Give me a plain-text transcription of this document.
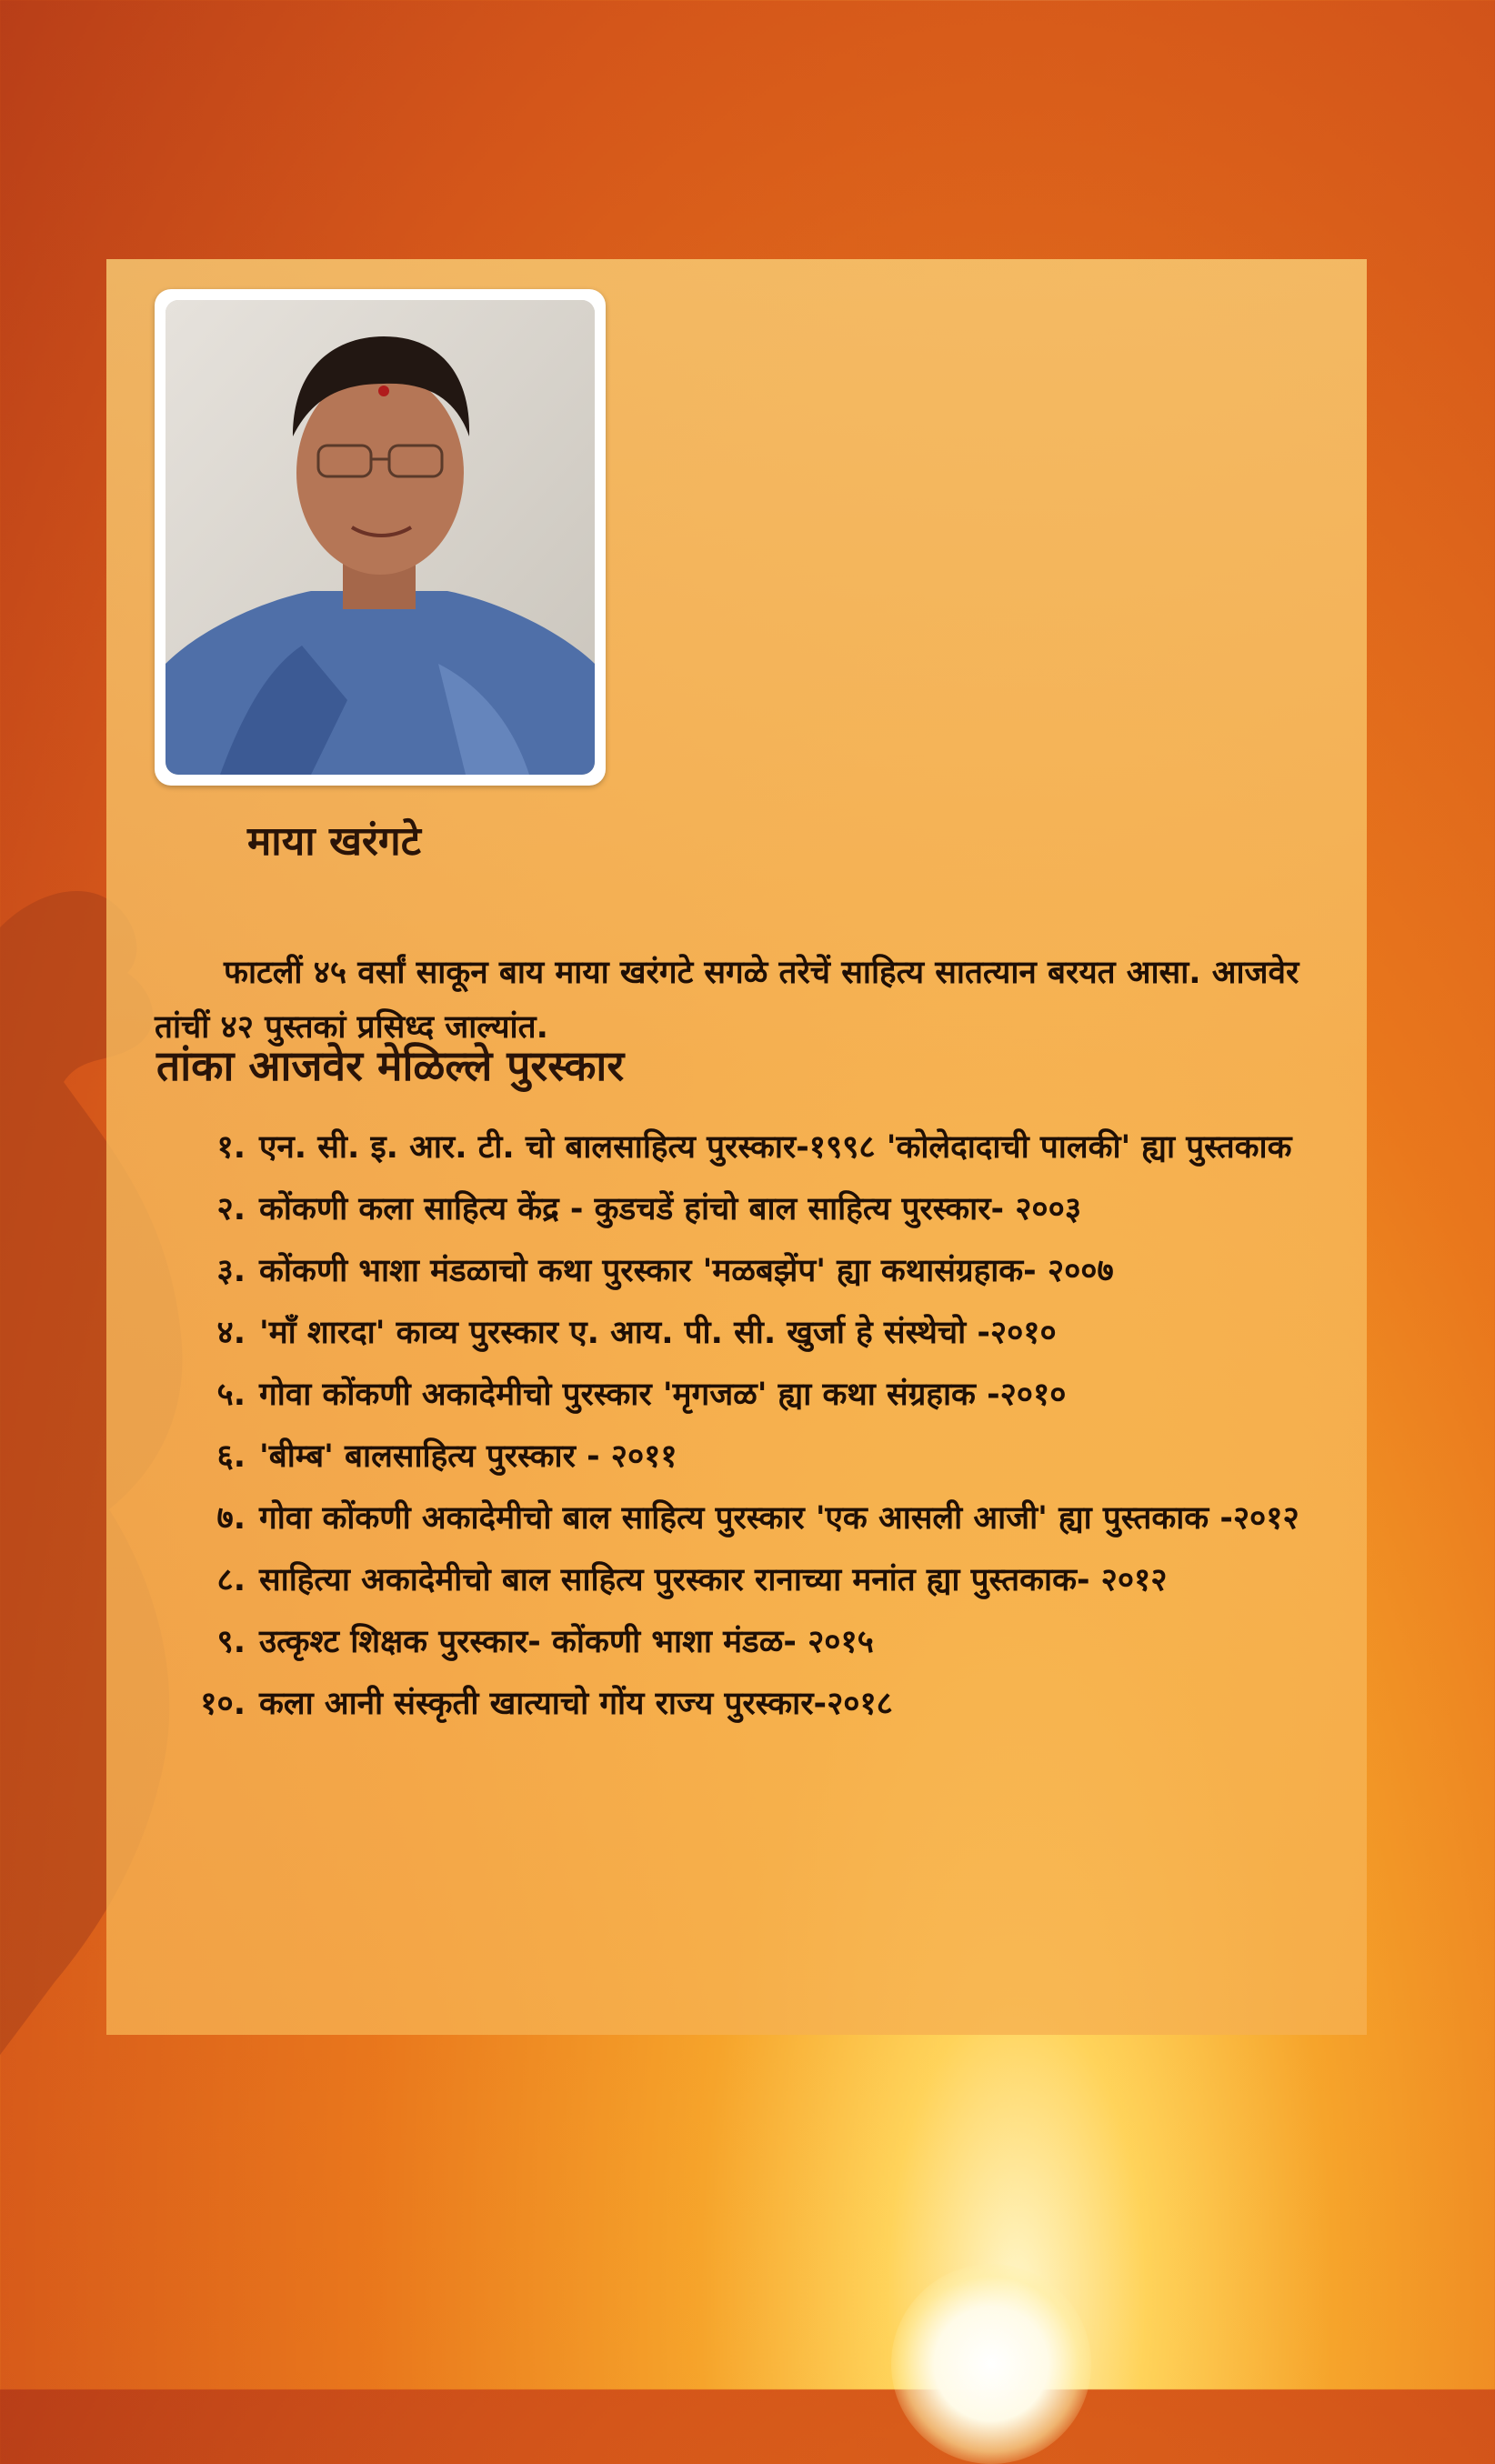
माया खरंगटे

फाटलीं ४५ वर्सां साकून बाय माया खरंगटे सगळे तरेचें साहित्य सातत्यान बरयत आसा. आजवेर तांचीं ४२ पुस्तकां प्रसिध्द जाल्यांत.

तांका आजवेर मेळिल्ले पुरस्कार
१. एन. सी. इ. आर. टी. चो बालसाहित्य पुरस्कार-१९९८ 'कोलेदादाची पालकी' ह्या पुस्तकाक
२. कोंकणी कला साहित्य केंद्र - कुडचडें हांचो बाल साहित्य पुरस्कार- २००३
३. कोंकणी भाशा मंडळाचो कथा पुरस्कार 'मळबझेंप' ह्या कथासंग्रहाक- २००७
४. 'माँ शारदा' काव्य पुरस्कार ए. आय. पी. सी. खुर्जा हे संस्थेचो -२०१०
५. गोवा कोंकणी अकादेमीचो पुरस्कार 'मृगजळ' ह्या कथा संग्रहाक -२०१०
६. 'बीम्ब' बालसाहित्य पुरस्कार - २०११
७. गोवा कोंकणी अकादेमीचो बाल साहित्य पुरस्कार 'एक आसली आजी' ह्या पुस्तकाक -२०१२
८. साहित्या अकादेमीचो बाल साहित्य पुरस्कार रानाच्या मनांत ह्या पुस्तकाक- २०१२
९. उत्कृश्ट शिक्षक पुरस्कार- कोंकणी भाशा मंडळ- २०१५
१०. कला आनी संस्कृती खात्याचो गोंय राज्य पुरस्कार-२०१८
